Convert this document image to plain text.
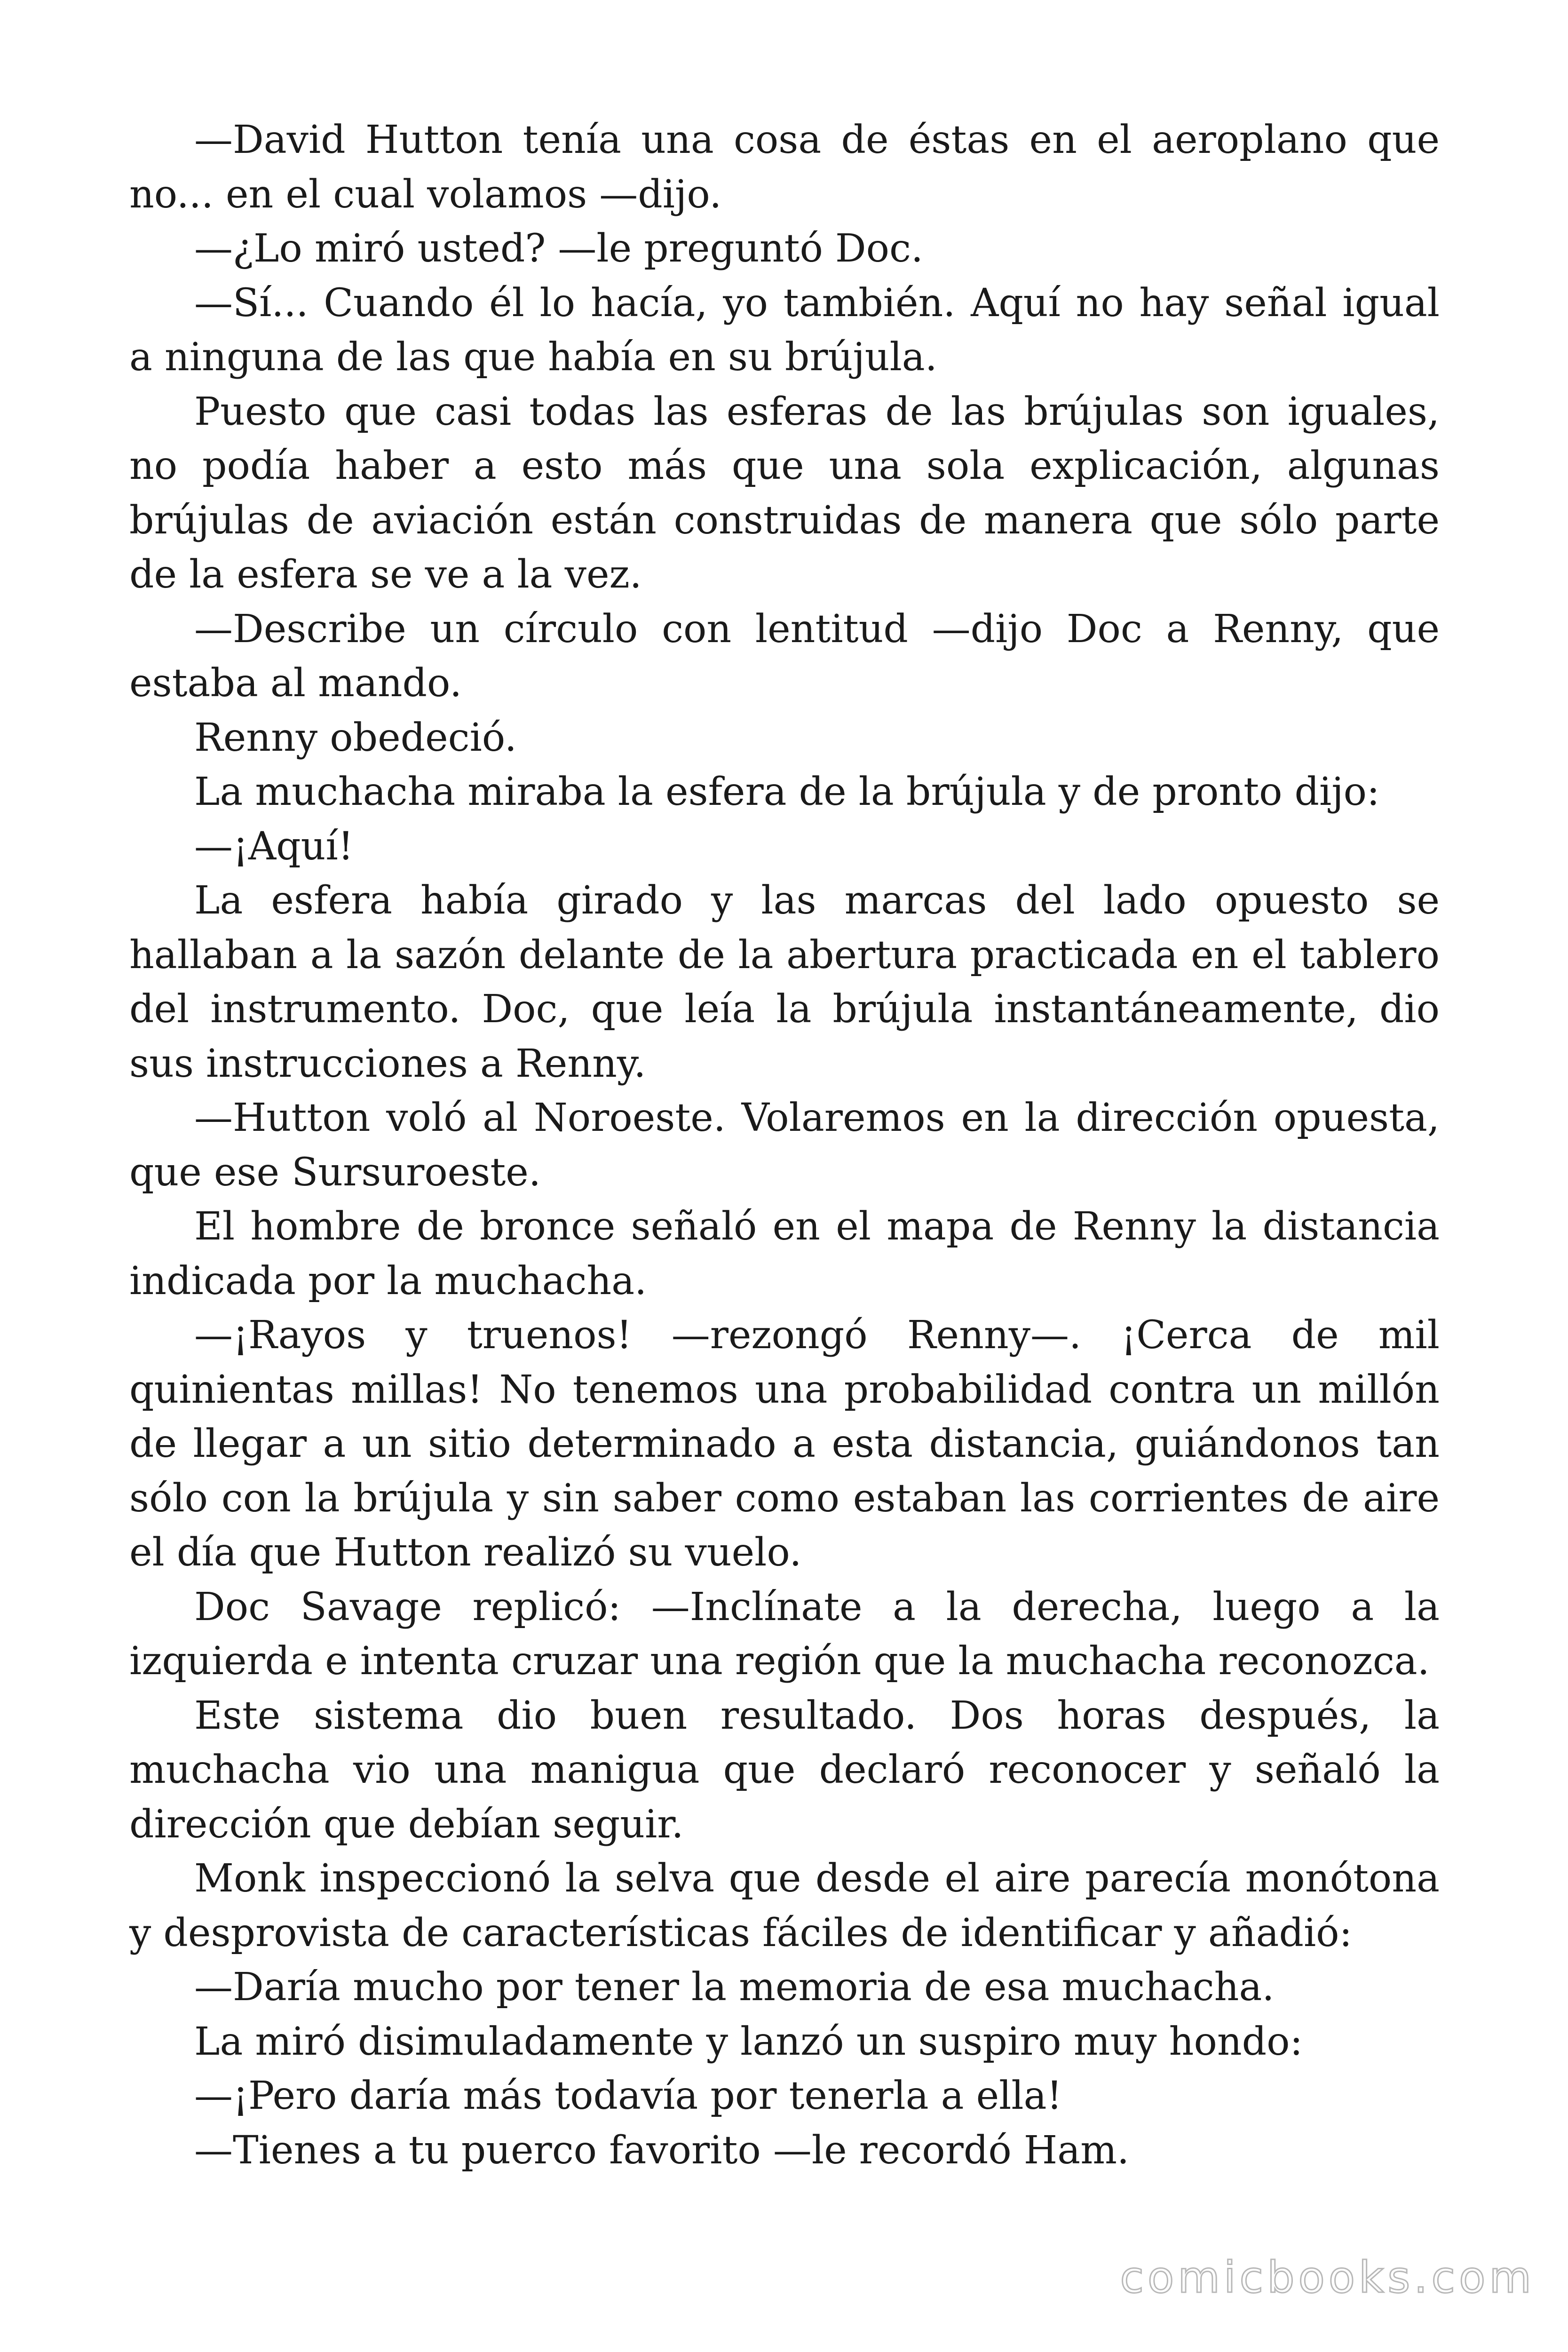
—David Hutton tenía una cosa de éstas en el aeroplano que no... en el cual volamos —dijo.

—¿Lo miró usted? —le preguntó Doc.

—Sí... Cuando él lo hacía, yo también. Aquí no hay señal igual a ninguna de las que había en su brújula.

Puesto que casi todas las esferas de las brújulas son iguales, no podía haber a esto más que una sola explicación, algunas brújulas de aviación están construidas de manera que sólo parte de la esfera se ve a la vez.

—Describe un círculo con lentitud —dijo Doc a Renny, que estaba al mando.

Renny obedeció.

La muchacha miraba la esfera de la brújula y de pronto dijo:

—¡Aquí!

La esfera había girado y las marcas del lado opuesto se hallaban a la sazón delante de la abertura practicada en el tablero del instrumento. Doc, que leía la brújula instantáneamente, dio sus instrucciones a Renny.

—Hutton voló al Noroeste. Volaremos en la dirección opuesta, que ese Sursuroeste.

El hombre de bronce señaló en el mapa de Renny la distancia indicada por la muchacha.

—¡Rayos y truenos! —rezongó Renny—. ¡Cerca de mil quinientas millas! No tenemos una probabilidad contra un millón de llegar a un sitio determinado a esta distancia, guiándonos tan sólo con la brújula y sin saber como estaban las corrientes de aire el día que Hutton realizó su vuelo.

Doc Savage replicó: —Inclínate a la derecha, luego a la izquierda e intenta cruzar una región que la muchacha reconozca.

Este sistema dio buen resultado. Dos horas después, la muchacha vio una manigua que declaró reconocer y señaló la dirección que debían seguir.

Monk inspeccionó la selva que desde el aire parecía monótona y desprovista de características fáciles de identificar y añadió:

—Daría mucho por tener la memoria de esa muchacha.

La miró disimuladamente y lanzó un suspiro muy hondo:

—¡Pero daría más todavía por tenerla a ella!

—Tienes a tu puerco favorito —le recordó Ham.

comicbooks.com
